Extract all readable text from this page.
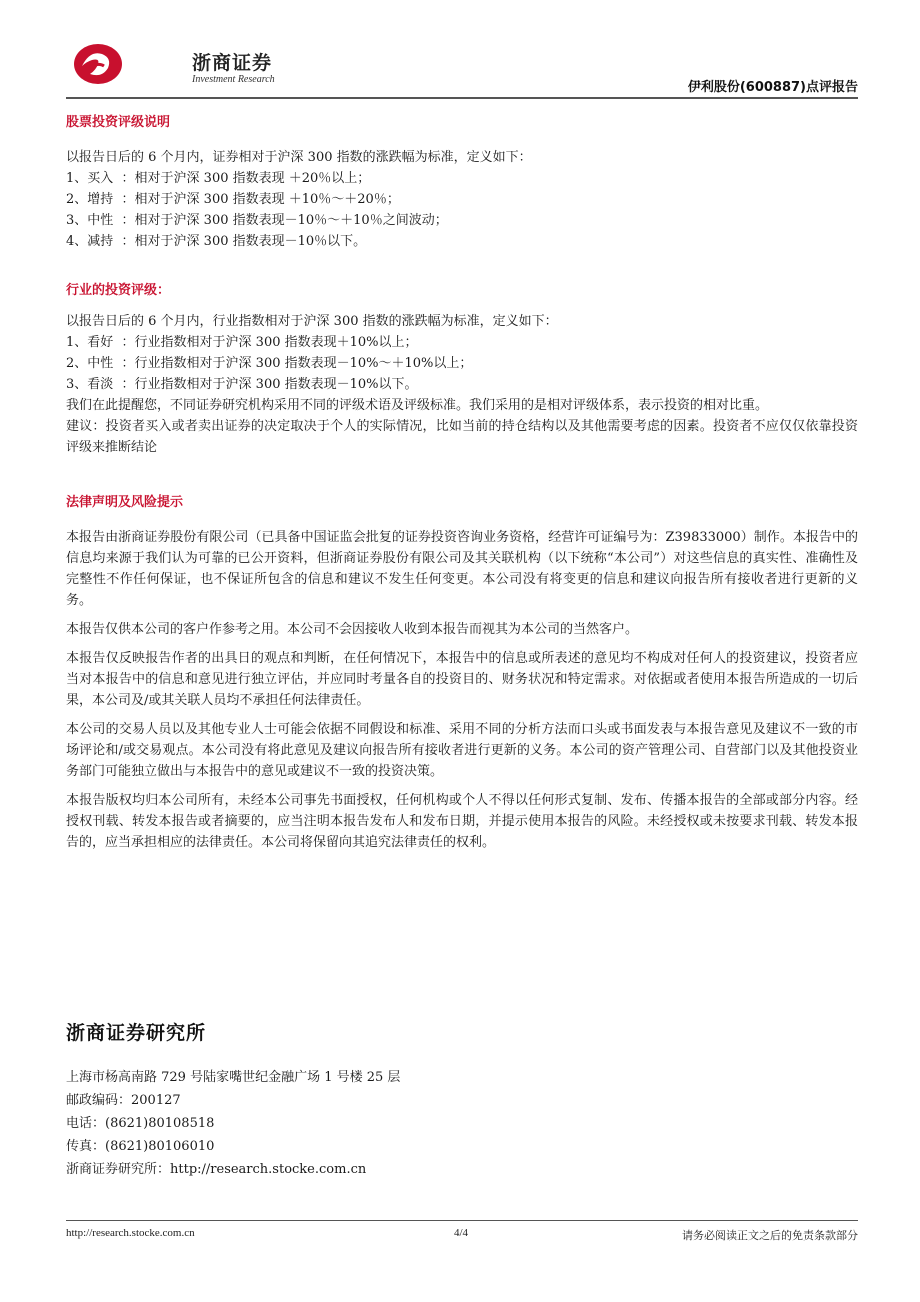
浙商证券
Investment Research
伊利股份(600887)点评报告
股票投资评级说明
以报告日后的 6 个月内，证券相对于沪深 300 指数的涨跌幅为标准，定义如下：
1、买入  ：相对于沪深 300 指数表现 ＋20％以上；
2、增持  ：相对于沪深 300 指数表现 ＋10％～＋20％；
3、中性  ：相对于沪深 300 指数表现－10％～＋10％之间波动；
4、减持  ：相对于沪深 300 指数表现－10％以下。
行业的投资评级：
以报告日后的 6 个月内，行业指数相对于沪深 300 指数的涨跌幅为标准，定义如下：
1、看好  ：行业指数相对于沪深 300 指数表现＋10%以上；
2、中性  ：行业指数相对于沪深 300 指数表现－10%～＋10%以上；
3、看淡  ：行业指数相对于沪深 300 指数表现－10%以下。
我们在此提醒您，不同证券研究机构采用不同的评级术语及评级标准。我们采用的是相对评级体系，表示投资的相对比重。
建议：投资者买入或者卖出证券的决定取决于个人的实际情况，比如当前的持仓结构以及其他需要考虑的因素。投资者不应仅仅依靠投资评级来推断结论
法律声明及风险提示
本报告由浙商证券股份有限公司（已具备中国证监会批复的证券投资咨询业务资格，经营许可证编号为：Z39833000）制作。本报告中的信息均来源于我们认为可靠的已公开资料，但浙商证券股份有限公司及其关联机构（以下统称“本公司”）对这些信息的真实性、准确性及完整性不作任何保证，也不保证所包含的信息和建议不发生任何变更。本公司没有将变更的信息和建议向报告所有接收者进行更新的义务。
本报告仅供本公司的客户作参考之用。本公司不会因接收人收到本报告而视其为本公司的当然客户。
本报告仅反映报告作者的出具日的观点和判断，在任何情况下，本报告中的信息或所表述的意见均不构成对任何人的投资建议，投资者应当对本报告中的信息和意见进行独立评估，并应同时考量各自的投资目的、财务状况和特定需求。对依据或者使用本报告所造成的一切后果，本公司及/或其关联人员均不承担任何法律责任。
本公司的交易人员以及其他专业人士可能会依据不同假设和标准、采用不同的分析方法而口头或书面发表与本报告意见及建议不一致的市场评论和/或交易观点。本公司没有将此意见及建议向报告所有接收者进行更新的义务。本公司的资产管理公司、自营部门以及其他投资业务部门可能独立做出与本报告中的意见或建议不一致的投资决策。
本报告版权均归本公司所有，未经本公司事先书面授权，任何机构或个人不得以任何形式复制、发布、传播本报告的全部或部分内容。经授权刊载、转发本报告或者摘要的，应当注明本报告发布人和发布日期，并提示使用本报告的风险。未经授权或未按要求刊载、转发本报告的，应当承担相应的法律责任。本公司将保留向其追究法律责任的权利。
浙商证券研究所
上海市杨高南路 729 号陆家嘴世纪金融广场 1 号楼 25 层
邮政编码：200127
电话：(8621)80108518
传真：(8621)80106010
浙商证券研究所：http://research.stocke.com.cn
http://research.stocke.com.cn	4/4	请务必阅读正文之后的免责条款部分
